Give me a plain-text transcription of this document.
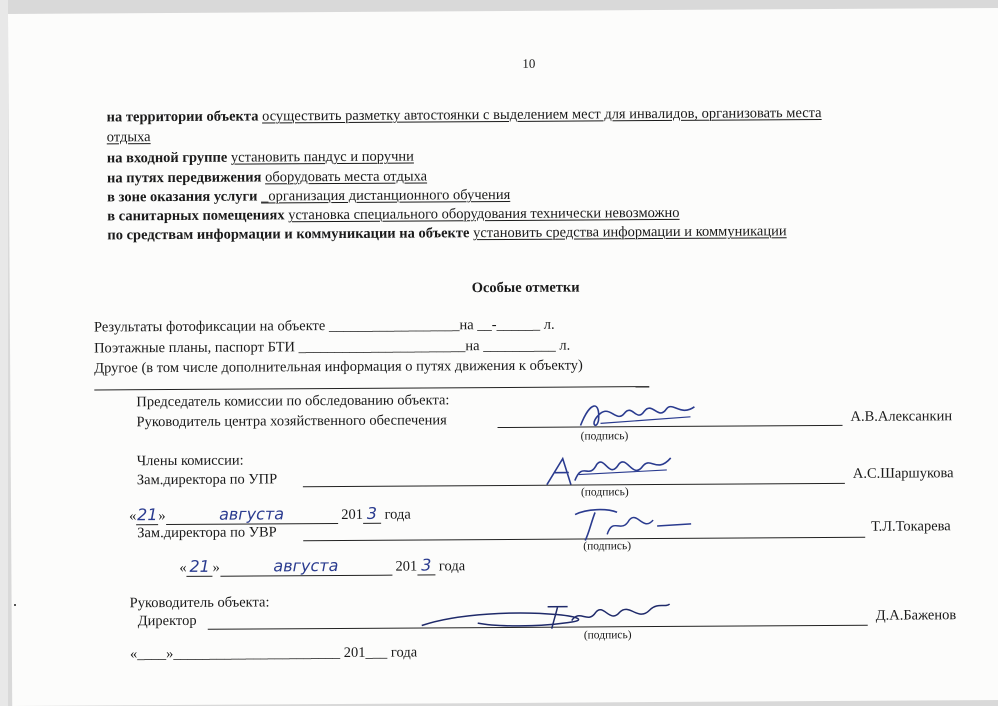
10
на территории объекта осуществить разметку автостоянки с выделением мест для инвалидов, организовать места
отдыха
на входной группе установить пандус и поручни
на путях передвижения оборудовать места отдыха
в зоне оказания услуги _организация дистанционного обучения
в санитарных помещениях установка специального оборудования технически невозможно
по средствам информации и коммуникации на объекте установить средства информации и коммуникации
Особые отметки
Результаты фотофиксации на объекте __________________на __-______ л.
Поэтажные планы, паспорт БТИ _______________________на __________ л.
Другое (в том числе дополнительная информация о путях движения к объекту)
Председатель комиссии по обследованию объекта:
Руководитель центра хозяйственного обеспечения	А.В.Алексанкин
(подпись)
Члены комиссии:
Зам.директора по УПР	А.С.Шаршукова
(подпись)
«21»	августа	201 3 года
Зам.директора по УВР	Т.Л.Токарева
(подпись)
« 21 »	августа	201 3 года
Руководитель объекта:
Директор	Д.А.Баженов
(подпись)
«____»_______________________ 201___ года
